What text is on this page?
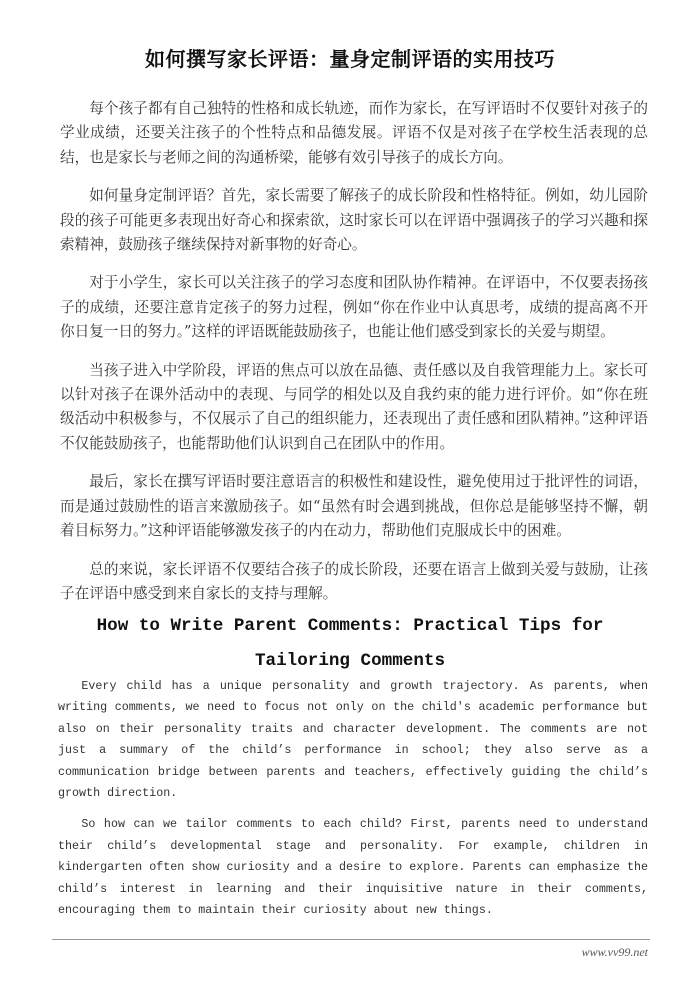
如何撰写家长评语：量身定制评语的实用技巧

每个孩子都有自己独特的性格和成长轨迹，而作为家长，在写评语时不仅要针对孩子的学业成绩，还要关注孩子的个性特点和品德发展。评语不仅是对孩子在学校生活表现的总结，也是家长与老师之间的沟通桥梁，能够有效引导孩子的成长方向。

如何量身定制评语？首先，家长需要了解孩子的成长阶段和性格特征。例如，幼儿园阶段的孩子可能更多表现出好奇心和探索欲，这时家长可以在评语中强调孩子的学习兴趣和探索精神，鼓励孩子继续保持对新事物的好奇心。

对于小学生，家长可以关注孩子的学习态度和团队协作精神。在评语中，不仅要表扬孩子的成绩，还要注意肯定孩子的努力过程，例如“你在作业中认真思考，成绩的提高离不开你日复一日的努力。”这样的评语既能鼓励孩子，也能让他们感受到家长的关爱与期望。

当孩子进入中学阶段，评语的焦点可以放在品德、责任感以及自我管理能力上。家长可以针对孩子在课外活动中的表现、与同学的相处以及自我约束的能力进行评价。如“你在班级活动中积极参与，不仅展示了自己的组织能力，还表现出了责任感和团队精神。”这种评语不仅能鼓励孩子，也能帮助他们认识到自己在团队中的作用。

最后，家长在撰写评语时要注意语言的积极性和建设性，避免使用过于批评性的词语，而是通过鼓励性的语言来激励孩子。如“虽然有时会遇到挑战，但你总是能够坚持不懈，朝着目标努力。”这种评语能够激发孩子的内在动力，帮助他们克服成长中的困难。

总的来说，家长评语不仅要结合孩子的成长阶段，还要在语言上做到关爱与鼓励，让孩子在评语中感受到来自家长的支持与理解。

How to Write Parent Comments: Practical Tips for
Tailoring Comments

Every child has a unique personality and growth trajectory. As parents, when writing comments, we need to focus not only on the child's academic performance but also on their personality traits and character development. The comments are not just a summary of the child’s performance in school; they also serve as a communication bridge between parents and teachers, effectively guiding the child’s growth direction.

So how can we tailor comments to each child? First, parents need to understand their child’s developmental stage and personality. For example, children in kindergarten often show curiosity and a desire to explore. Parents can emphasize the child’s interest in learning and their inquisitive nature in their comments, encouraging them to maintain their curiosity about new things.

www.vv99.net
